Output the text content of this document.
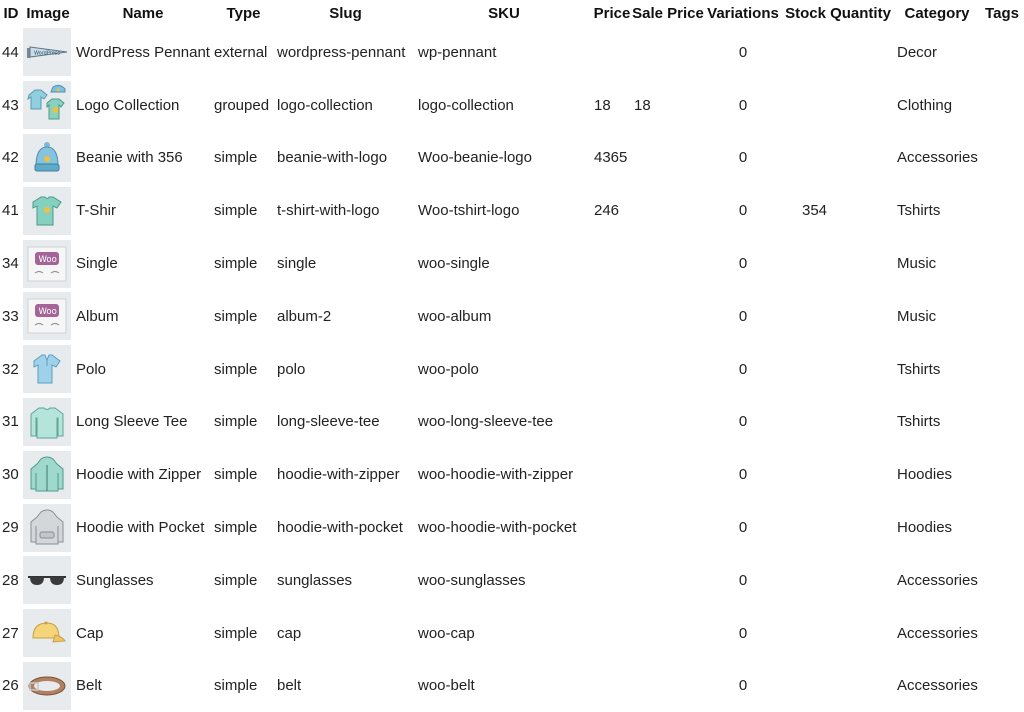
ID	Image	Name	Type	Slug	SKU	Price	Sale Price	Variations	Stock Quantity	Category	Tags
44	WordPress	WordPress Pennant	external	wordpress-pennant	wp-pennant			0		Decor	
43		Logo Collection	grouped	logo-collection	logo-collection	18	18	0		Clothing	
42		Beanie with 356	simple	beanie-with-logo	Woo-beanie-logo	4365		0		Accessories	
41		T-Shir	simple	t-shirt-with-logo	Woo-tshirt-logo	246		0	354	Tshirts	
34	Woo	Single	simple	single	woo-single			0		Music	
33	Woo	Album	simple	album-2	woo-album			0		Music	
32		Polo	simple	polo	woo-polo			0		Tshirts	
31		Long Sleeve Tee	simple	long-sleeve-tee	woo-long-sleeve-tee			0		Tshirts	
30		Hoodie with Zipper	simple	hoodie-with-zipper	woo-hoodie-with-zipper			0		Hoodies	
29		Hoodie with Pocket	simple	hoodie-with-pocket	woo-hoodie-with-pocket			0		Hoodies	
28		Sunglasses	simple	sunglasses	woo-sunglasses			0		Accessories	
27		Cap	simple	cap	woo-cap			0		Accessories	
26		Belt	simple	belt	woo-belt			0		Accessories	
